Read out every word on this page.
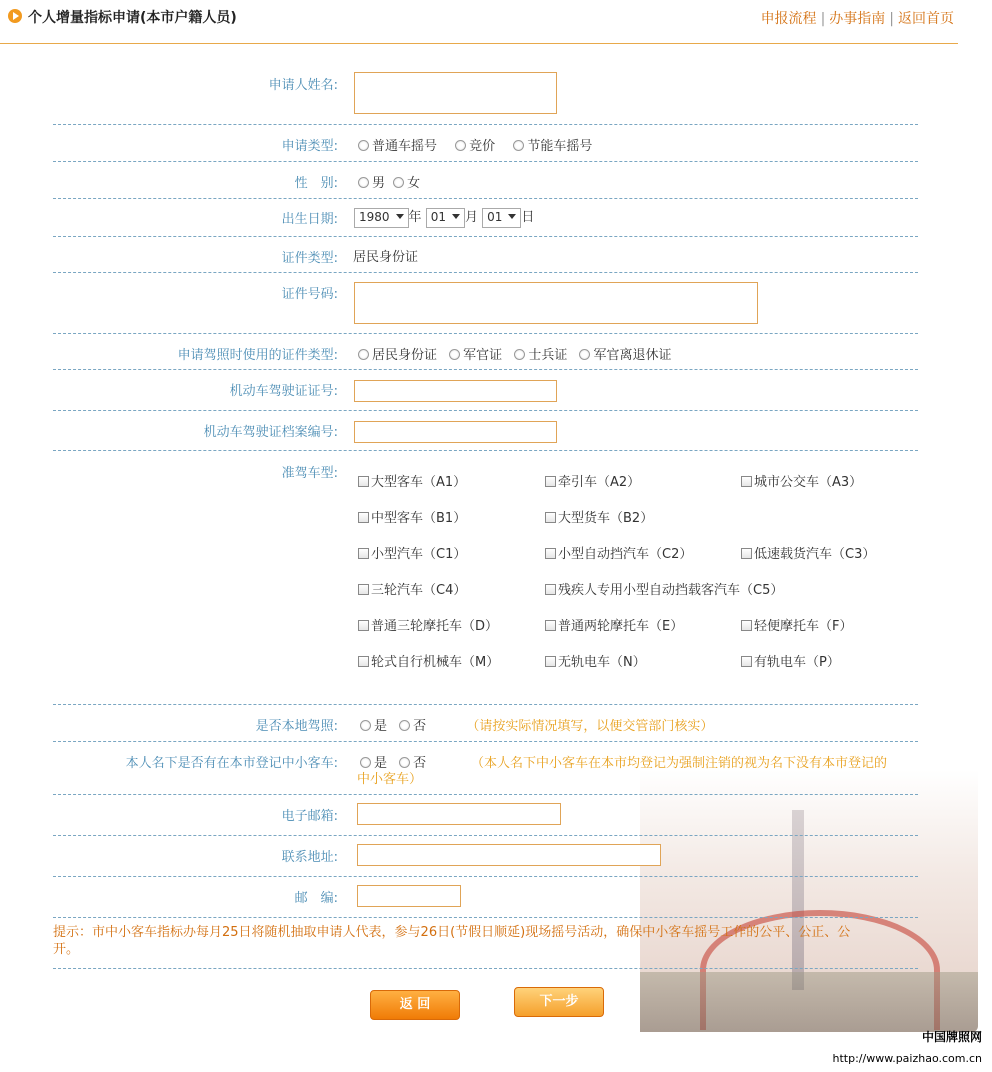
个人增量指标申请(本市户籍人员)	申报流程 | 办事指南 | 返回首页
申请人姓名:
申请类型:	普通车摇号 竞价 节能车摇号
性　别:	男 女
出生日期:	1980 年 01 月 01 日
证件类型: 居民身份证
证件号码:
申请驾照时使用的证件类型:	居民身份证 军官证 士兵证 军官离退休证
机动车驾驶证证号:
机动车驾驶证档案编号:
准驾车型:
大型客车（A1）	牵引车（A2）	城市公交车（A3）
中型客车（B1）	大型货车（B2）
小型汽车（C1）	小型自动挡汽车（C2）	低速载货汽车（C3）
三轮汽车（C4）	残疾人专用小型自动挡载客汽车（C5）
普通三轮摩托车（D）	普通两轮摩托车（E）	轻便摩托车（F）
轮式自行机械车（M）	无轨电车（N）	有轨电车（P）
是否本地驾照:	是 否	（请按实际情况填写，以便交管部门核实）
本人名下是否有在本市登记中小客车:	是 否	（本人名下中小客车在本市均登记为强制注销的视为名下没有本市登记的
中小客车）
电子邮箱:
联系地址:
邮　编:
提示：市中小客车指标办每月25日将随机抽取申请人代表，参与26日(节假日顺延)现场摇号活动，确保中小客车摇号工作的公平、公正、公
开。
返 回	下一步
中国牌照网
http://www.paizhao.com.cn
